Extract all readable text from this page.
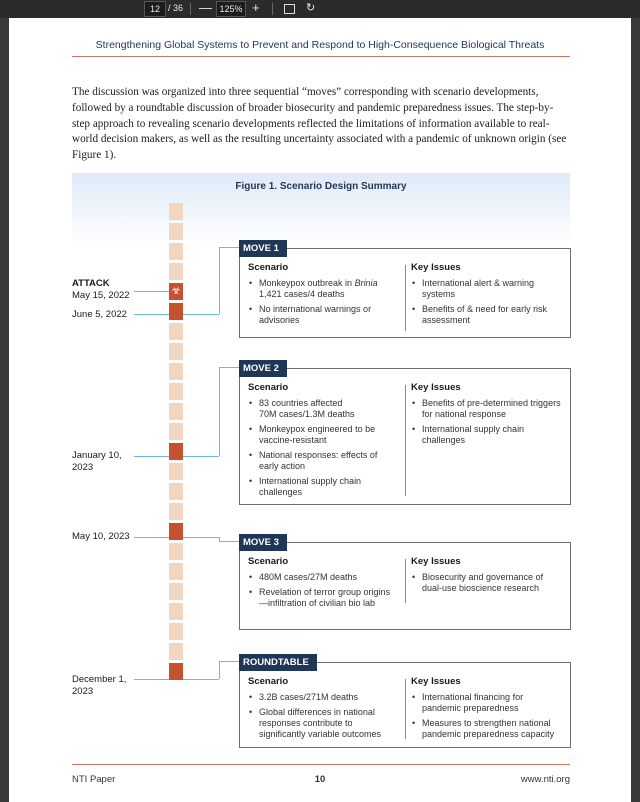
12 / 36 — 125% +	↻
Strengthening Global Systems to Prevent and Respond to High-Consequence Biological Threats

The discussion was organized into three sequential “moves” corresponding with scenario developments, followed by a roundtable discussion of broader biosecurity and pandemic preparedness issues. The step-by-step approach to revealing scenario developments reflected the limitations of information available to real-world decision makers, as well as the resulting uncertainty associated with a pandemic of unknown origin (see Figure 1).

Figure 1. Scenario Design Summary
☣
ATTACK
May 15, 2022
June 5, 2022
January 10, 2023
May 10, 2023
December 1, 2023
MOVE 1
Scenario
• Monkeypox outbreak in Brinia
1,421 cases/4 deaths
• No international warnings or advisories
Key Issues
• International alert & warning systems
• Benefits of & need for early risk assessment
MOVE 2
Scenario
• 83 countries affected
70M cases/1.3M deaths
• Monkeypox engineered to be vaccine-resistant
• National responses: effects of early action
• International supply chain challenges
Key Issues
• Benefits of pre-determined triggers for national response
• International supply chain challenges
MOVE 3
Scenario
• 480M cases/27M deaths
• Revelation of terror group origins—infiltration of civilian bio lab
Key Issues
• Biosecurity and governance of dual-use bioscience research
ROUNDTABLE
Scenario
• 3.2B cases/271M deaths
• Global differences in national responses contribute to significantly variable outcomes
Key Issues
• International financing for pandemic preparedness
• Measures to strengthen national pandemic preparedness capacity
NTI Paper	10	www.nti.org
